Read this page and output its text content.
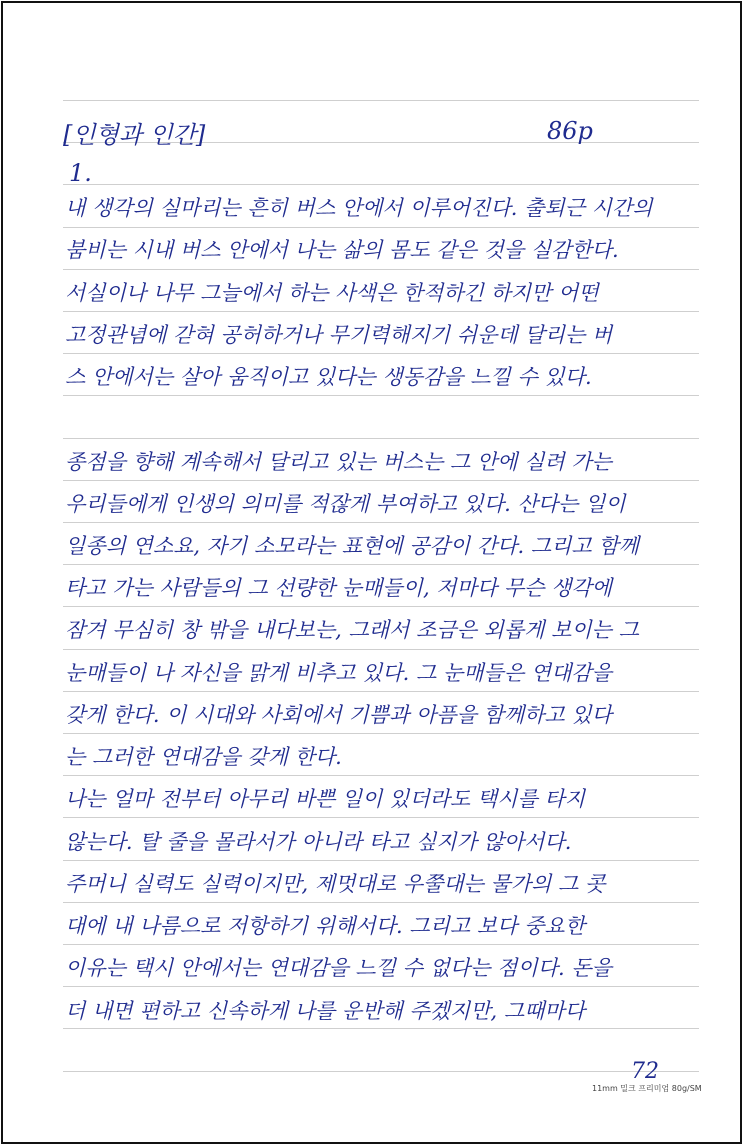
[인형과 인간]	86p
1.
내 생각의 실마리는 흔히 버스 안에서 이루어진다. 출퇴근 시간의
붐비는 시내 버스 안에서 나는 삶의 몸도 같은 것을 실감한다.
서실이나 나무 그늘에서 하는 사색은 한적하긴 하지만 어떤
고정관념에 갇혀 공허하거나 무기력해지기 쉬운데 달리는 버
스 안에서는 살아 움직이고 있다는 생동감을 느낄 수 있다.
종점을 향해 계속해서 달리고 있는 버스는 그 안에 실려 가는
우리들에게 인생의 의미를 적잖게 부여하고 있다. 산다는 일이
일종의 연소요, 자기 소모라는 표현에 공감이 간다. 그리고 함께
타고 가는 사람들의 그 선량한 눈매들이, 저마다 무슨 생각에
잠겨 무심히 창 밖을 내다보는, 그래서 조금은 외롭게 보이는 그
눈매들이 나 자신을 맑게 비추고 있다. 그 눈매들은 연대감을
갖게 한다. 이 시대와 사회에서 기쁨과 아픔을 함께하고 있다
는 그러한 연대감을 갖게 한다.
나는 얼마 전부터 아무리 바쁜 일이 있더라도 택시를 타지
않는다. 탈 줄을 몰라서가 아니라 타고 싶지가 않아서다.
주머니 실력도 실력이지만, 제멋대로 우쭐대는 물가의 그 콧
대에 내 나름으로 저항하기 위해서다. 그리고 보다 중요한
이유는 택시 안에서는 연대감을 느낄 수 없다는 점이다. 돈을
더 내면 편하고 신속하게 나를 운반해 주겠지만, 그때마다
72
11mm 밀크 프리미엄 80g/SM
